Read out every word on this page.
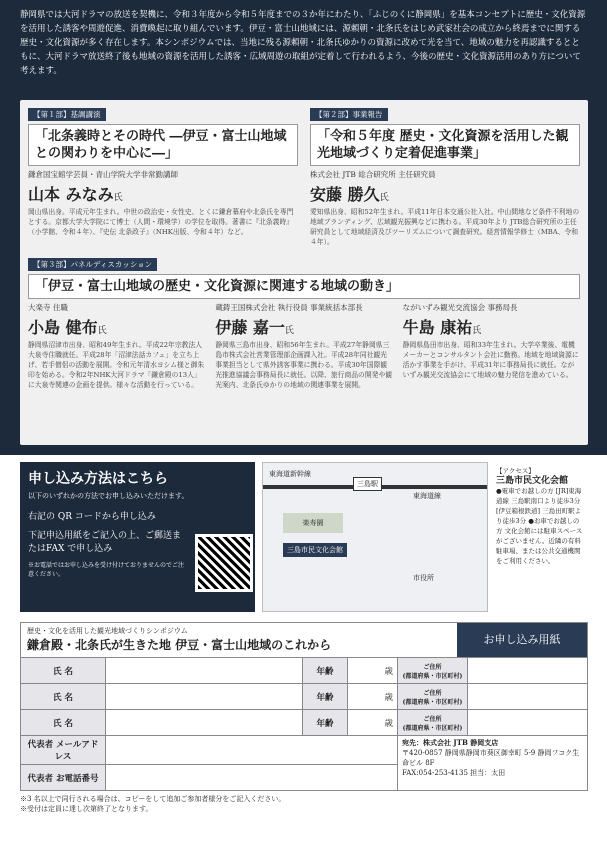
静岡県では大河ドラマの放送を契機に、令和３年度から令和５年度までの３か年にわたり、「ふじのくに静岡県」を基本コンセプトに歴史・文化資源を活用した誘客や周遊促進、消費喚起に取り組んでいます。伊豆・富士山地域には、源頼朝・北条氏をはじめ武家社会の成立から終焉までに関する歴史・文化資源が多く存在します。本シンポジウムでは、当地に残る源頼朝・北条氏ゆかりの資源に改めて光を当て、地域の魅力を再認識するとともに、大河ドラマ放送終了後も地域の資源を活用した誘客・広域周遊の取組が定着して行われるよう、今後の歴史・文化資源活用のあり方について考えます。
【第１部】基調講演
「北条義時とその時代 ―伊豆・富士山地域との関わりを中心に―」
鎌倉国宝館学芸員・青山学院大学非常勤講師
山本 みなみ氏
岡山県出身。平成元年生まれ。中世の政治史・女性史、とくに鎌倉幕府や北条氏を専門とする。京都大学大学院にて博士（人間・環境学）の学位を取得。著書に『北条義時』（小学館、令和４年）、『史伝 北条政子』（NHK出版、令和４年）など。
【第２部】事業報告
「令和５年度 歴史・文化資源を活用した観光地域づくり定着促進事業」
株式会社 JTB 総合研究所 主任研究員
安藤 勝久氏
愛知県出身、昭和52年生まれ。平成11年日本交通公社入社。中山間地など条件不利地の地域ブランディング、広域観光振興などに携わる。平成30年より JTB総合研究所の主任研究員として地域経済及びツーリズムについて調査研究。経営情報学修士（MBA、令和４年）。
【第３部】パネルディスカッション
「伊豆・富士山地域の歴史・文化資源に関連する地域の動き」
大楽寺 住職
小島 健布氏
静岡県沼津市出身、昭和49年生まれ。平成22年宗教法人大泉寺住職就任。平成28年「沼津法話カフェ」を立ち上げ、若手僧侶の活動を展開。令和元年清水ヨシム様と御朱印を始める。令和2年NHK大河ドラマ「鎌倉殿の13人」に大泉寺関連の企画を提供。様々な活動を行っている。
蔵鋳王国株式会社 執行役員 事業統括本部長
伊藤 嘉一氏
静岡県三島市出身、昭和56年生まれ。平成27年静岡県三島市株式会社営業管理部企画課入社。平成28年同社観光事業担当として県外誘客事業に携わる。平成30年国際観光推進協議会事務局長に就任。以降、旅行商品の開発や観光案内、北条氏ゆかりの地域の関連事業を展開。
ながいずみ観光交流協会 事務局長
牛島 康祐氏
静岡県島田市出身、昭和33年生まれ。大学卒業後、電機メーカーとコンサルタント会社に勤務。地域を地域資源に活かす事業を手がけ、平成31年に事務局長に就任。ながいずみ観光交流協会にて地域の魅力発信を進めている。
申し込み方法はこちら
以下のいずれかの方法でお申し込みいただけます。
右記の QR コードから申し込み
下記申込用紙をご記入の上、ご郵送またはFAX で申し込み
※お電話ではお申し込みを受け付けておりませんのでご注意ください。
東海道新幹線
東海道線
三島駅
楽寿園
三島市民文化会館
市役所
【アクセス】
三島市民文化会館
●電車でお越しの方 [JR]東海道線 三島駅南口より徒歩3分 [伊豆箱根鉄道] 三島田町駅より徒歩3分 ●お車でお越しの方 文化会館には駐車スペースがございません。近隣の有料駐車場、または公共交通機関をご利用ください。
歴史・文化を活用した観光地域づくりシンポジウム
鎌倉殿・北条氏が生きた地 伊豆・富士山地域のこれから	お申し込み用紙
氏 名		年齢	歳	ご住所
(都道府県・市区町村)	
氏 名		年齢	歳	ご住所
(都道府県・市区町村)	
氏 名		年齢	歳	ご住所
(都道府県・市区町村)	
代表者 メールアドレス				宛先：株式会社 JTB 静岡支店
〒420-0857 静岡県静岡市葵区御幸町 5-9 静岡フコク生命ビル 8F
FAX:054-253-4135 担当：太田	
代表者 お電話番号					
※3 名以上で同行される場合は、コピーをして追加ご参加者様分をご記入ください。
※受付は定員に達し次第終了となります。
